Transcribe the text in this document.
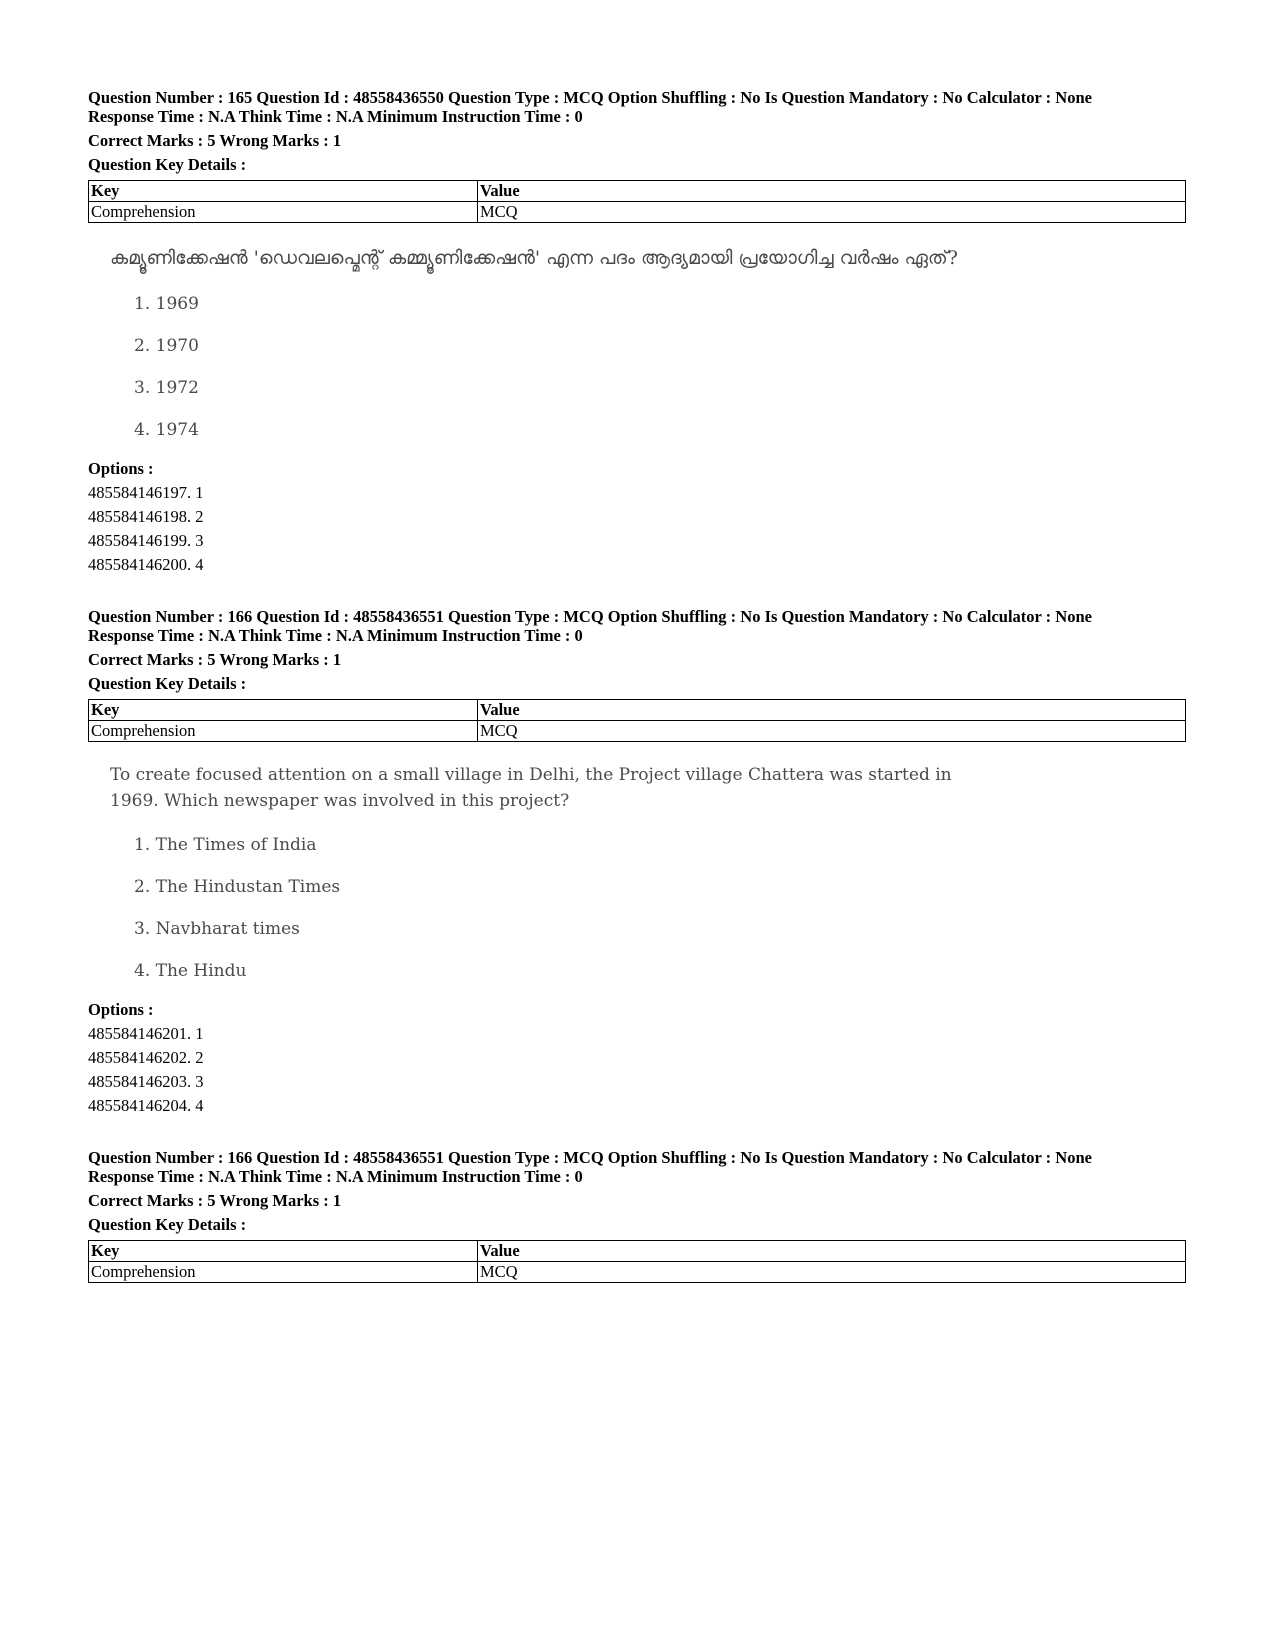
Question Number : 165 Question Id : 48558436550 Question Type : MCQ Option Shuffling : No Is Question Mandatory : No Calculator : None

Response Time : N.A Think Time : N.A Minimum Instruction Time : 0

Correct Marks : 5 Wrong Marks : 1
Question Key Details :
Key	Value
Comprehension	MCQ
കമ്യൂണിക്കേഷൻ 'ഡെവലപ്മെന്റ് കമ്മ്യൂണിക്കേഷൻ' എന്ന പദം ആദ്യമായി പ്രയോഗിച്ച വർഷം ഏത്?
1. 1969
2. 1970
3. 1972
4. 1974
Options :
485584146197. 1
485584146198. 2
485584146199. 3
485584146200. 4

Question Number : 166 Question Id : 48558436551 Question Type : MCQ Option Shuffling : No Is Question Mandatory : No Calculator : None

Response Time : N.A Think Time : N.A Minimum Instruction Time : 0

Correct Marks : 5 Wrong Marks : 1
Question Key Details :
Key	Value
Comprehension	MCQ
To create focused attention on a small village in Delhi, the Project village Chattera was started in 1969. Which newspaper was involved in this project?
1. The Times of India
2. The Hindustan Times
3. Navbharat times
4. The Hindu
Options :
485584146201. 1
485584146202. 2
485584146203. 3
485584146204. 4

Question Number : 166 Question Id : 48558436551 Question Type : MCQ Option Shuffling : No Is Question Mandatory : No Calculator : None

Response Time : N.A Think Time : N.A Minimum Instruction Time : 0

Correct Marks : 5 Wrong Marks : 1
Question Key Details :
Key	Value
Comprehension	MCQ
